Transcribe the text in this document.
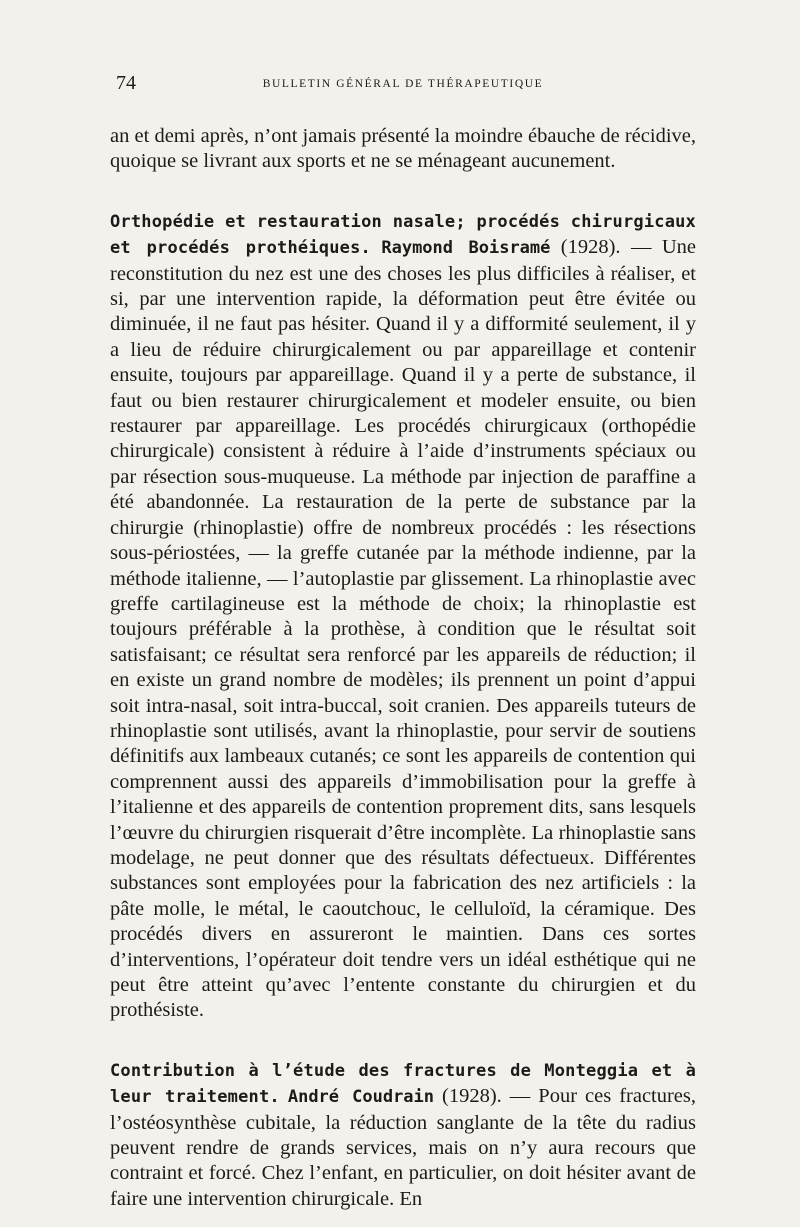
74	BULLETIN GÉNÉRAL DE THÉRAPEUTIQUE

an et demi après, n’ont jamais présenté la moindre ébauche de récidive, quoique se livrant aux sports et ne se ménageant aucunement.

Orthopédie et restauration nasale; procédés chirurgicaux et procédés prothéiques. Raymond Boisramé (1928). — Une reconstitution du nez est une des choses les plus difficiles à réaliser, et si, par une intervention rapide, la déformation peut être évitée ou diminuée, il ne faut pas hésiter. Quand il y a difformité seulement, il y a lieu de réduire chirurgicalement ou par appareillage et contenir ensuite, toujours par appareillage. Quand il y a perte de substance, il faut ou bien restaurer chirurgicalement et modeler ensuite, ou bien restaurer par appareillage. Les procédés chirurgicaux (orthopédie chirurgicale) consistent à réduire à l’aide d’instruments spéciaux ou par résection sous-muqueuse. La méthode par injection de paraffine a été abandonnée. La restauration de la perte de substance par la chirurgie (rhinoplastie) offre de nombreux procédés : les résections sous-périostées, — la greffe cutanée par la méthode indienne, par la méthode italienne, — l’autoplastie par glissement. La rhinoplastie avec greffe cartilagineuse est la méthode de choix; la rhinoplastie est toujours préférable à la prothèse, à condition que le résultat soit satisfaisant; ce résultat sera renforcé par les appareils de réduction; il en existe un grand nombre de modèles; ils prennent un point d’appui soit intra-nasal, soit intra-buccal, soit cranien. Des appareils tuteurs de rhinoplastie sont utilisés, avant la rhinoplastie, pour servir de soutiens définitifs aux lambeaux cutanés; ce sont les appareils de contention qui comprennent aussi des appareils d’immobilisation pour la greffe à l’italienne et des appareils de contention proprement dits, sans lesquels l’œuvre du chirurgien risquerait d’être incomplète. La rhinoplastie sans modelage, ne peut donner que des résultats défectueux. Différentes substances sont employées pour la fabrication des nez artificiels : la pâte molle, le métal, le caoutchouc, le celluloïd, la céramique. Des procédés divers en assureront le maintien. Dans ces sortes d’interventions, l’opérateur doit tendre vers un idéal esthétique qui ne peut être atteint qu’avec l’entente constante du chirurgien et du prothésiste.

Contribution à l’étude des fractures de Monteggia et à leur traitement. André Coudrain (1928). — Pour ces fractures, l’ostéosynthèse cubitale, la réduction sanglante de la tête du radius peuvent rendre de grands services, mais on n’y aura recours que contraint et forcé. Chez l’enfant, en particulier, on doit hésiter avant de faire une intervention chirurgicale. En
